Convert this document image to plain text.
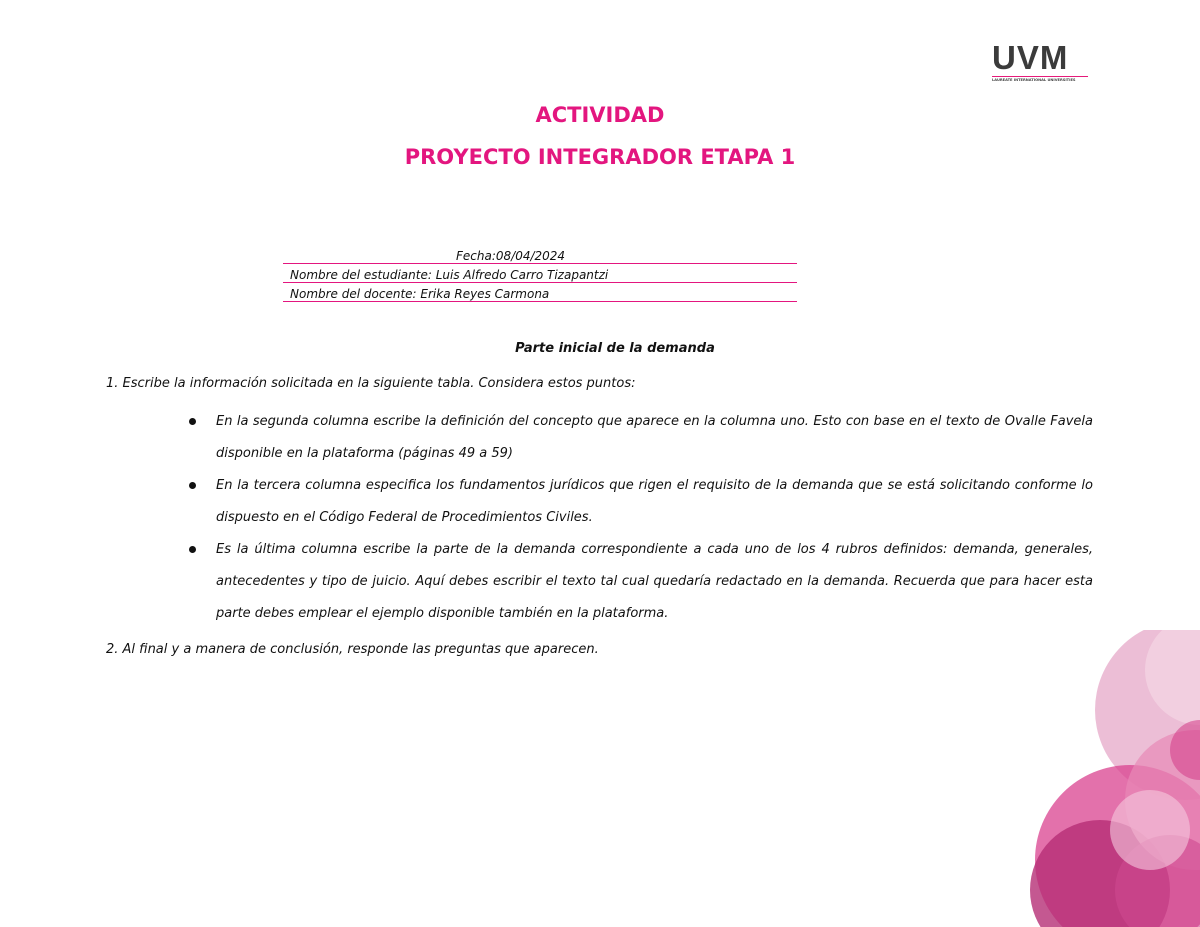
UVM
LAUREATE INTERNATIONAL UNIVERSITIES
ACTIVIDAD
PROYECTO INTEGRADOR ETAPA 1
Fecha:08/04/2024
Nombre del estudiante: Luis Alfredo Carro Tizapantzi
Nombre del docente: Erika Reyes Carmona
Parte inicial de la demanda
1. Escribe la información solicitada en la siguiente tabla. Considera estos puntos:
En la segunda columna escribe la definición del concepto que aparece en la columna uno. Esto con base en el texto de Ovalle Favela disponible en la plataforma (páginas 49 a 59)
En la tercera columna especifica los fundamentos jurídicos que rigen el requisito de la demanda que se está solicitando conforme lo dispuesto en el Código Federal de Procedimientos Civiles.
Es la última columna escribe la parte de la demanda correspondiente a cada uno de los 4 rubros definidos: demanda, generales, antecedentes y tipo de juicio. Aquí debes escribir el texto tal cual quedaría redactado en la demanda. Recuerda que para hacer esta parte debes emplear el ejemplo disponible también en la plataforma.
2. Al final y a manera de conclusión, responde las preguntas que aparecen.
